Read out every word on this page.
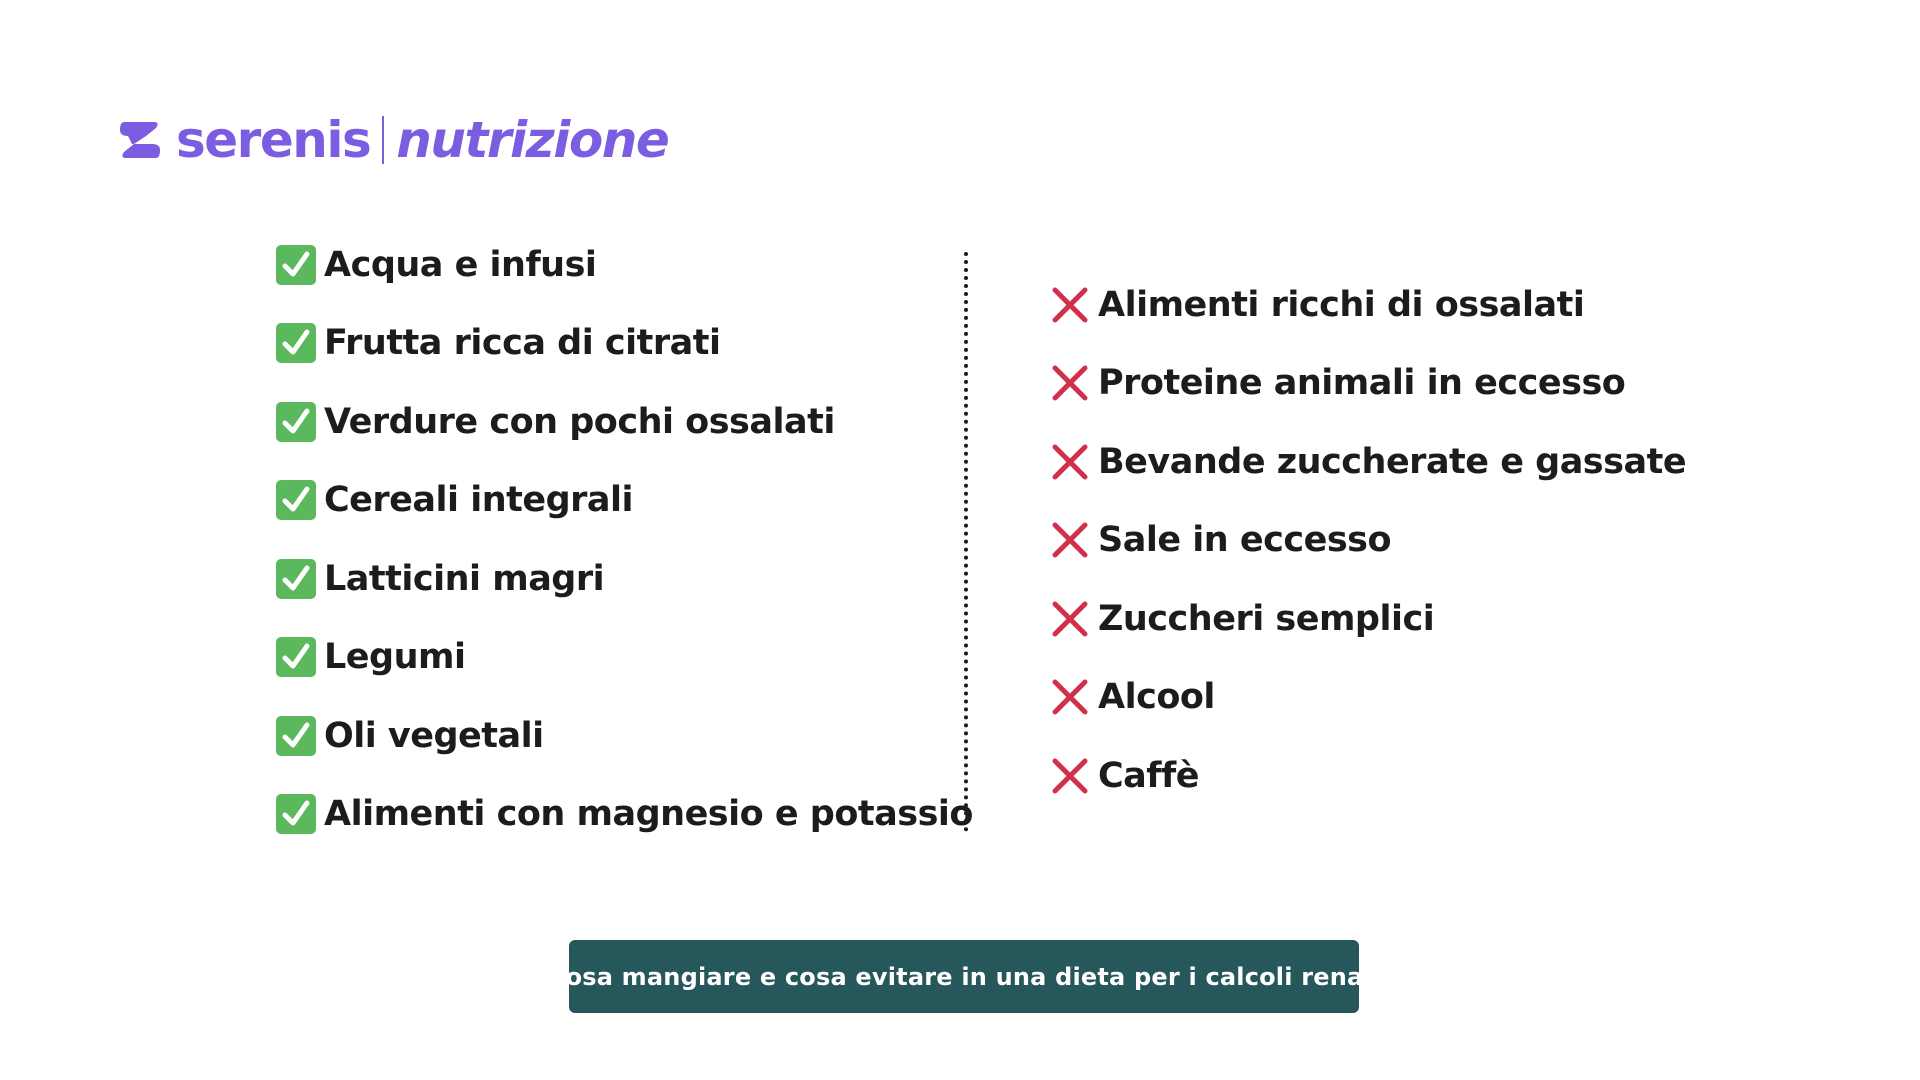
serenis nutrizione
Acqua e infusi
Frutta ricca di citrati
Verdure con pochi ossalati
Cereali integrali
Latticini magri
Legumi
Oli vegetali
Alimenti con magnesio e potassio
Alimenti ricchi di ossalati
Proteine animali in eccesso
Bevande zuccherate e gassate
Sale in eccesso
Zuccheri semplici
Alcool
Caffè
Cosa mangiare e cosa evitare in una dieta per i calcoli renali
